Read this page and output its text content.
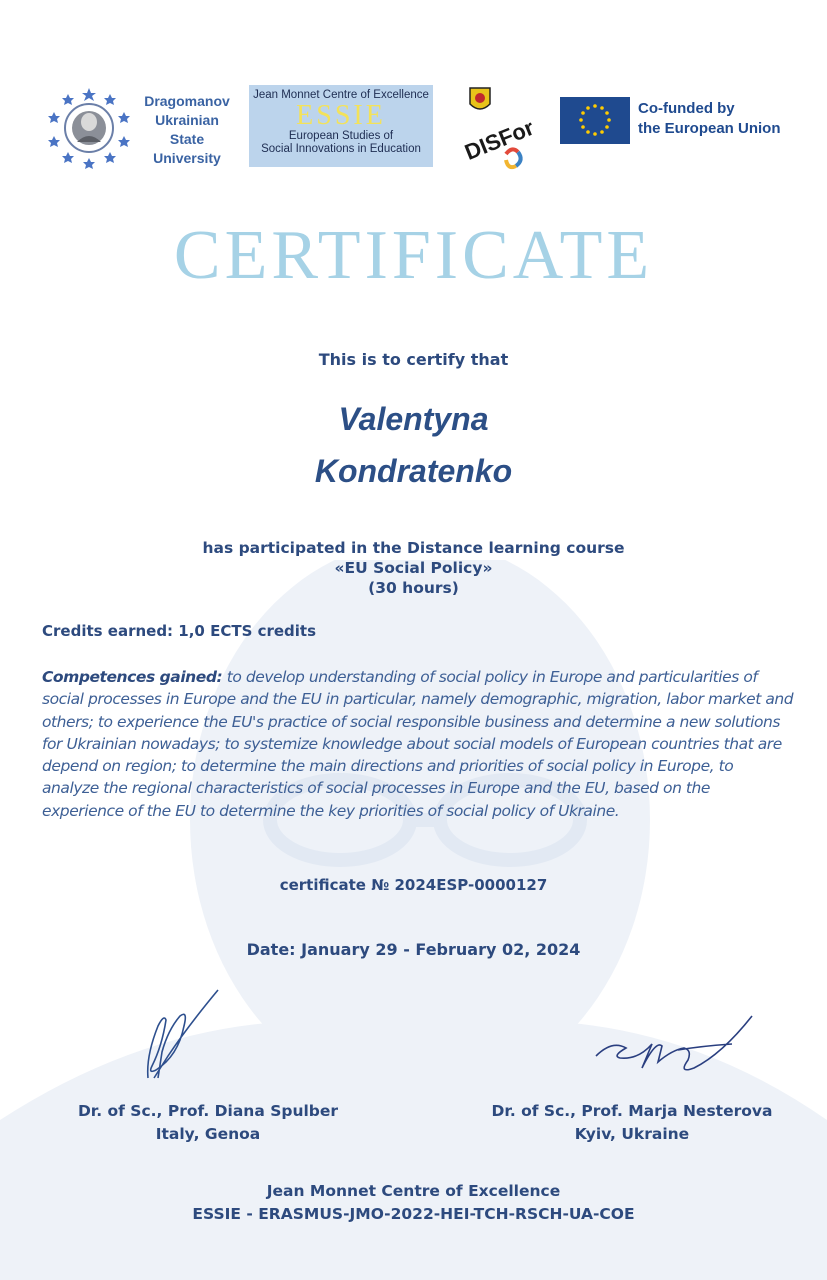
Dragomanov
Ukrainian
State
University
Jean Monnet Centre of Excellence
ESSIE
European Studies of
Social Innovations in Education	DISFor
Co-funded by
the European Union
CERTIFICATE
This is to certify that
Valentyna
Kondratenko
has participated in the Distance learning course
«EU Social Policy»
(30 hours)
Credits earned: 1,0 ECTS credits
Competences gained: to develop understanding of social policy in Europe and particularities of social processes in Europe and the EU in particular, namely demographic, migration, labor market and others; to experience the EU's practice of social responsible business and determine a new solutions for Ukrainian nowadays; to systemize knowledge about social models of European countries that are depend on region; to determine the main directions and priorities of social policy in Europe, to analyze the regional characteristics of social processes in Europe and the EU, based on the experience of the EU to determine the key priorities of social policy of Ukraine.
certificate № 2024ESP-0000127
Date: January 29 - February 02, 2024
Dr. of Sc., Prof. Diana Spulber
Italy, Genoa
Dr. of Sc., Prof. Marja Nesterova
Kyiv, Ukraine
Jean Monnet Centre of Excellence
ESSIE - ERASMUS-JMO-2022-HEI-TCH-RSCH-UA-COE
